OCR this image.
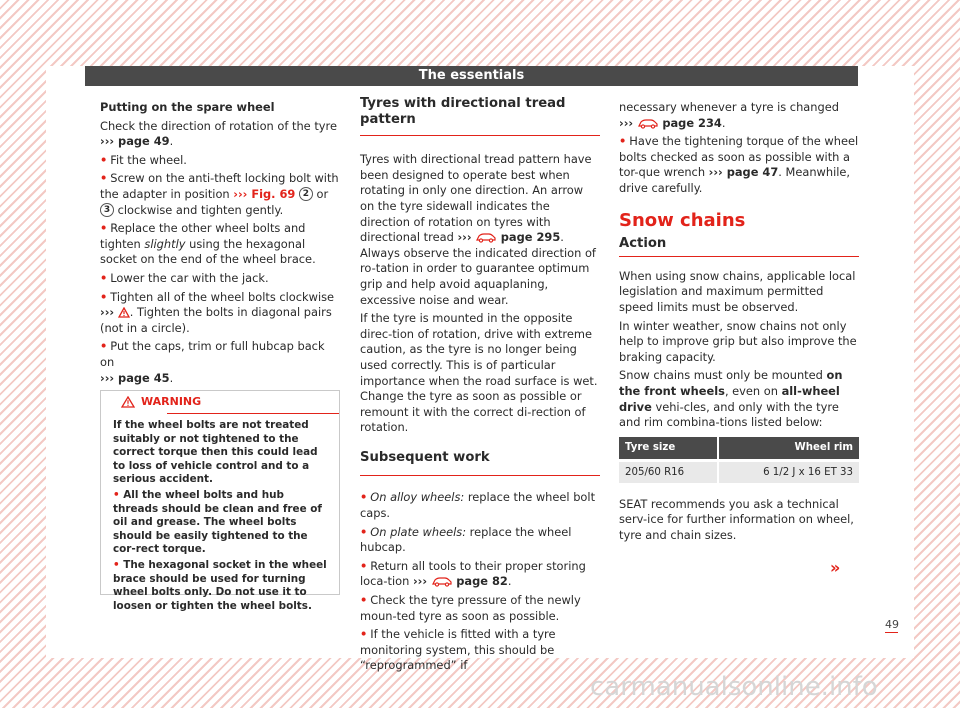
The essentials

Putting on the spare wheel

Check the direction of rotation of the tyre
››› page 49.

• Fit the wheel.

• Screw on the anti-theft locking bolt with the adapter in position ››› Fig. 69 2 or 3 clockwise and tighten gently.

• Replace the other wheel bolts and tighten slightly using the hexagonal socket on the end of the wheel brace.

• Lower the car with the jack.

• Tighten all of the wheel bolts clockwise
››› . Tighten the bolts in diagonal pairs (not in a circle).

• Put the caps, trim or full hubcap back on
››› page 45.

WARNING

If the wheel bolts are not treated suitably or not tightened to the correct torque then this could lead to loss of vehicle control and to a serious accident.

• All the wheel bolts and hub threads should be clean and free of oil and grease. The wheel bolts should be easily tightened to the cor-rect torque.

• The hexagonal socket in the wheel brace should be used for turning wheel bolts only. Do not use it to loosen or tighten the wheel bolts.

Tyres with directional tread pattern

Tyres with directional tread pattern have been designed to operate best when rotating in only one direction. An arrow on the tyre sidewall indicates the direction of rotation on tyres with directional tread ›››	page 295. Always observe the indicated direction of ro-tation in order to guarantee optimum grip and help avoid aquaplaning, excessive noise and wear.

If the tyre is mounted in the opposite direc-tion of rotation, drive with extreme caution, as the tyre is no longer being used correctly. This is of particular importance when the road surface is wet. Change the tyre as soon as possible or remount it with the correct di-rection of rotation.

Subsequent work

• On alloy wheels: replace the wheel bolt caps.

• On plate wheels: replace the wheel hubcap.

• Return all tools to their proper storing loca-tion ›››	page 82.

• Check the tyre pressure of the newly moun-ted tyre as soon as possible.

• If the vehicle is fitted with a tyre monitoring system, this should be “reprogrammed” if

necessary whenever a tyre is changed
›››	page 234.

• Have the tightening torque of the wheel bolts checked as soon as possible with a tor-que wrench ››› page 47. Meanwhile, drive carefully.

Snow chains
Action

When using snow chains, applicable local legislation and maximum permitted speed limits must be observed.

In winter weather, snow chains not only help to improve grip but also improve the braking capacity.

Snow chains must only be mounted on the front wheels, even on all-wheel drive vehi-cles, and only with the tyre and rim combina-tions listed below:

Tyre size	Wheel rim
205/60 R16	6 1/2 J x 16 ET 33

SEAT recommends you ask a technical serv-ice for further information on wheel, tyre and chain sizes.

»
49
carmanualsonline.info
